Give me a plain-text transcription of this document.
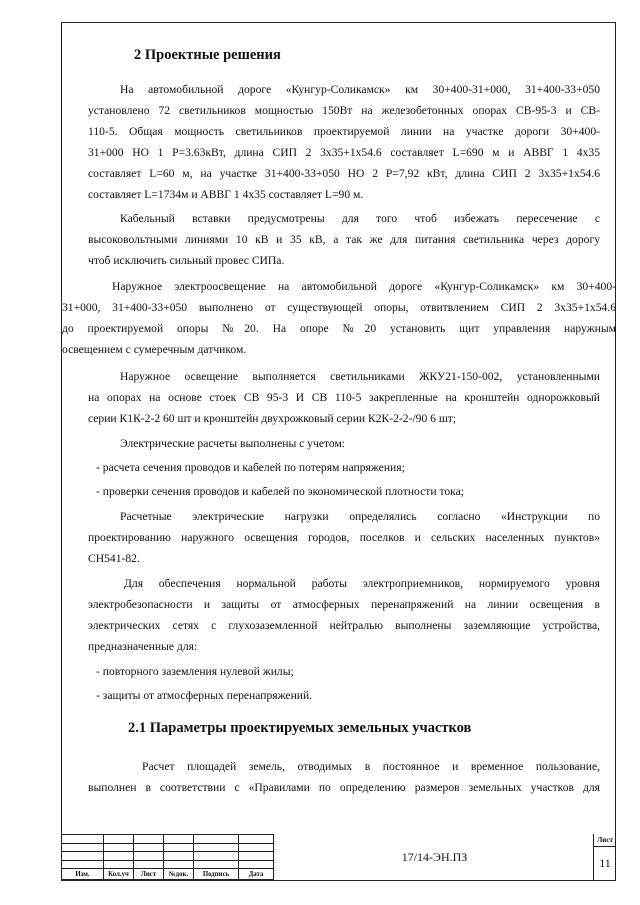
2 Проектные решения
На автомобильной дороге «Кунгур-Соликамск» км 30+400-31+000, 31+400-33+050
установлено 72 светильников мощностью 150Вт на железобетонных опорах СВ-95-3 и СВ-
110-5. Общая мощность светильников проектируемой линии на участке дороги 30+400-
31+000 НО 1 Р=3.63кВт, длина СИП 2 3х35+1х54.6 составляет L=690 м и АВВГ 1 4х35
составляет L=60 м, на участке 31+400-33+050 НО 2 Р=7,92 кВт, длина СИП 2 3х35+1х54.6
составляет L=1734м и АВВГ 1 4х35 составляет L=90 м.
Кабельный вставки предусмотрены для того чтоб избежать пересечение с
высоковольтными линиями 10 кВ и 35 кВ, а так же для питания светильника через дорогу
чтоб исключить сильный провес СИПа.
Наружное электроосвещение на автомобильной дороге «Кунгур-Соликамск» км 30+400-
31+000, 31+400-33+050 выполнено от существующей опоры, отвитвлением СИП 2 3х35+1х54.6
до проектируемой опоры №20. На опоре №20 установить щит управления наружным
освещением с сумеречным датчиком.
Наружное освещение выполняется светильниками ЖКУ21-150-002, установленными
на опорах на основе стоек СВ 95-3 И СВ 110-5 закрепленные на кронштейн однорожковый
серии К1К-2-2 60 шт и кронштейн двухрожковый серии К2К-2-2-/90 6 шт;
Электрические расчеты выполнены с учетом:
- расчета сечения проводов и кабелей по потерям напряжения;
- проверки сечения проводов и кабелей по экономической плотности тока;
Расчетные электрические нагрузки определялись согласно «Инструкции по
проектированию наружного освещения городов, поселков и сельских населенных пунктов»
СН541-82.
Для обеспечения нормальной работы электроприемников, нормируемого уровня
электробезопасности и защиты от атмосферных перенапряжений на линии освещения в
электрических сетях с глухозаземленной нейтралью выполнены заземляющие устройства,
предназначенные для:
- повторного заземления нулевой жилы;
- защиты от атмосферных перенапряжений.
2.1 Параметры проектируемых земельных участков
Расчет площадей земель, отводимых в постоянное и временное пользование,
выполнен в соответствии с «Правилами по определению размеров земельных участков для

Изм.	Кол.уч	Лист	№док.	Подпись	Дата
17/14-ЭН.ПЗ
Лист
11
